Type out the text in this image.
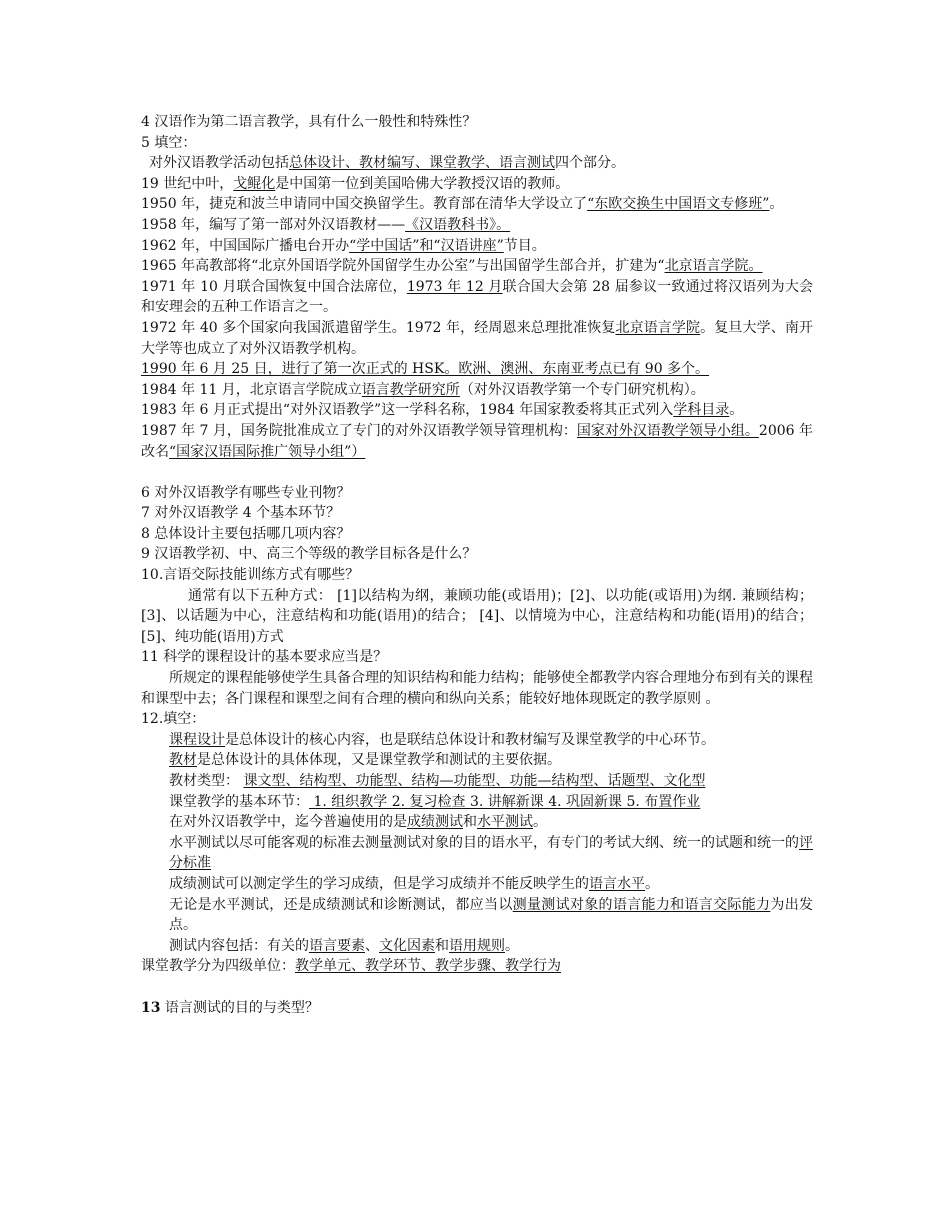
4 汉语作为第二语言教学，具有什么一般性和特殊性？

5 填空：

对外汉语教学活动包括总体设计、教材编写、课堂教学、语言测试四个部分。

19 世纪中叶，戈鲲化是中国第一位到美国哈佛大学教授汉语的教师。

1950 年，捷克和波兰申请同中国交换留学生。教育部在清华大学设立了“东欧交换生中国语文专修班”。

1958 年，编写了第一部对外汉语教材——《汉语教科书》。

1962 年，中国国际广播电台开办“学中国话”和“汉语讲座”节目。

1965 年高教部将“北京外国语学院外国留学生办公室”与出国留学生部合并，扩建为“北京语言学院。

1971 年 10 月联合国恢复中国合法席位，1973 年 12 月联合国大会第 28 届参议一致通过将汉语列为大会和安理会的五种工作语言之一。

1972 年 40 多个国家向我国派遣留学生。1972 年，经周恩来总理批准恢复北京语言学院。复旦大学、南开大学等也成立了对外汉语教学机构。

1990 年 6 月 25 日，进行了第一次正式的 HSK。欧洲、澳洲、东南亚考点已有 90 多个。

1984 年 11 月，北京语言学院成立语言教学研究所（对外汉语教学第一个专门研究机构）。

1983 年 6 月正式提出“对外汉语教学”这一学科名称，1984 年国家教委将其正式列入学科目录。

1987 年 7 月，国务院批准成立了专门的对外汉语教学领导管理机构：国家对外汉语教学领导小组。2006 年改名“国家汉语国际推广领导小组”）

6 对外汉语教学有哪些专业刊物？

7 对外汉语教学 4 个基本环节？

8 总体设计主要包括哪几项内容？

9 汉语教学初、中、高三个等级的教学目标各是什么？

10.言语交际技能训练方式有哪些？

通常有以下五种方式： [1]以结构为纲，兼顾功能(或语用)；[2]、以功能(或语用)为纲. 兼顾结构； [3]、以话题为中心，注意结构和功能(语用)的结合； [4]、以情境为中心，注意结构和功能(语用)的结合； [5]、纯功能(语用)方式

11 科学的课程设计的基本要求应当是？

所规定的课程能够使学生具备合理的知识结构和能力结构；能够使全都教学内容合理地分布到有关的课程和课型中去；各门课程和课型之间有合理的横向和纵向关系；能较好地体现既定的教学原则 。

12.填空：

课程设计是总体设计的核心内容，也是联结总体设计和教材编写及课堂教学的中心环节。

教材是总体设计的具体体现，又是课堂教学和测试的主要依据。

教材类型： 课文型、结构型、功能型、结构—功能型、功能—结构型、话题型、文化型

课堂教学的基本环节： 1. 组织教学 2. 复习检查 3. 讲解新课 4. 巩固新课 5. 布置作业

在对外汉语教学中，迄今普遍使用的是成绩测试和水平测试。

水平测试以尽可能客观的标准去测量测试对象的目的语水平，有专门的考试大纲、统一的试题和统一的评分标准

成绩测试可以测定学生的学习成绩，但是学习成绩并不能反映学生的语言水平。

无论是水平测试，还是成绩测试和诊断测试，都应当以测量测试对象的语言能力和语言交际能力为出发点。

测试内容包括：有关的语言要素、文化因素和语用规则。

课堂教学分为四级单位：教学单元、教学环节、教学步骤、教学行为

13 语言测试的目的与类型？
